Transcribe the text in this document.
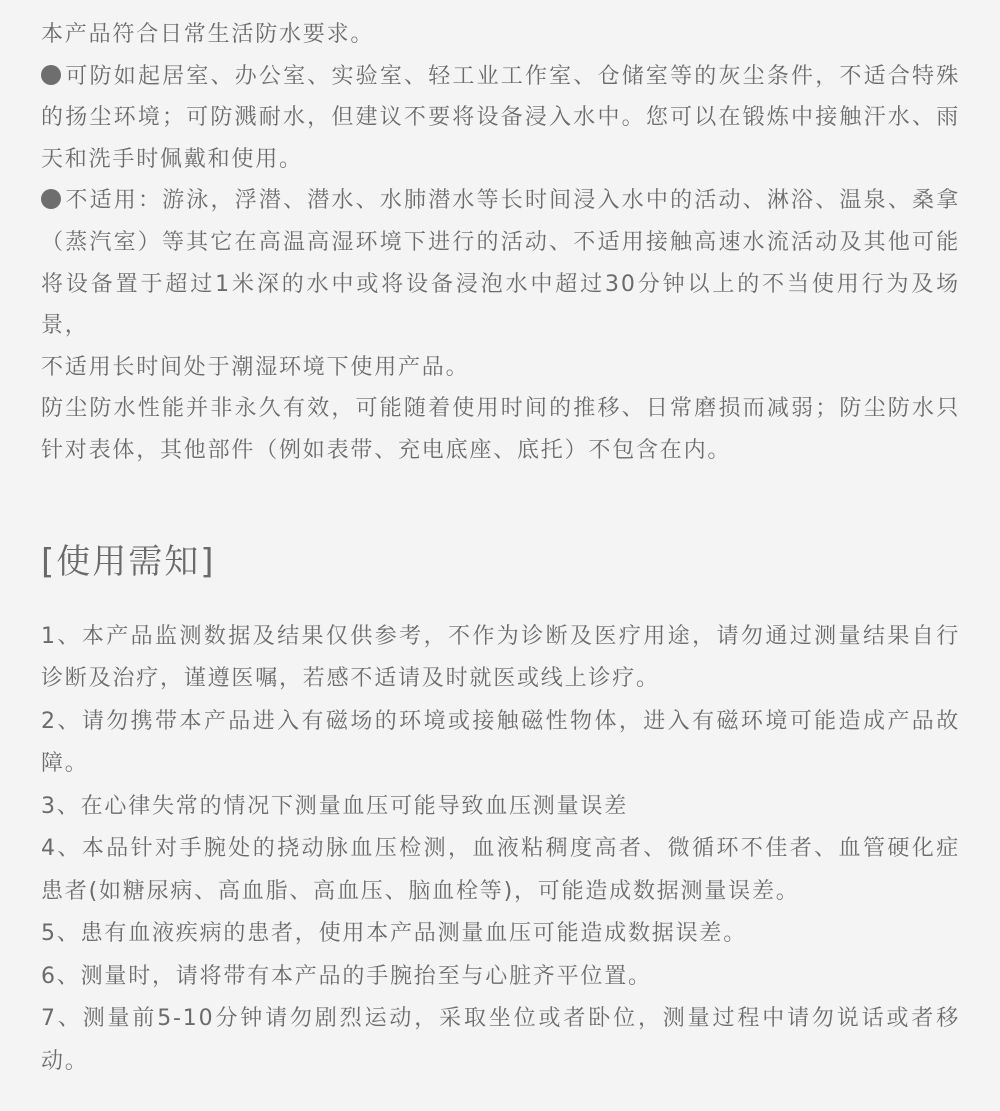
本产品符合日常生活防水要求。

可防如起居室、办公室、实验室、轻工业工作室、仓储室等的灰尘条件，不适合特殊的扬尘环境；可防溅耐水，但建议不要将设备浸入水中。您可以在锻炼中接触汗水、雨天和洗手时佩戴和使用。

不适用：游泳，浮潜、潜水、水肺潜水等长时间浸入水中的活动、淋浴、温泉、桑拿（蒸汽室）等其它在高温高湿环境下进行的活动、不适用接触高速水流活动及其他可能将设备置于超过1米深的水中或将设备浸泡水中超过30分钟以上的不当使用行为及场景，

不适用长时间处于潮湿环境下使用产品。

防尘防水性能并非永久有效，可能随着使用时间的推移、日常磨损而减弱；防尘防水只针对表体，其他部件（例如表带、充电底座、底托）不包含在内。

[使用需知]

1、本产品监测数据及结果仅供参考，不作为诊断及医疗用途，请勿通过测量结果自行诊断及治疗，谨遵医嘱，若感不适请及时就医或线上诊疗。

2、请勿携带本产品进入有磁场的环境或接触磁性物体，进入有磁环境可能造成产品故障。

3、在心律失常的情况下测量血压可能导致血压测量误差

4、本品针对手腕处的挠动脉血压检测，血液粘稠度高者、微循环不佳者、血管硬化症患者(如糖尿病、高血脂、高血压、脑血栓等)，可能造成数据测量误差。

5、患有血液疾病的患者，使用本产品测量血压可能造成数据误差。

6、测量时，请将带有本产品的手腕抬至与心脏齐平位置。

7、测量前5-10分钟请勿剧烈运动，采取坐位或者卧位，测量过程中请勿说话或者移动。
